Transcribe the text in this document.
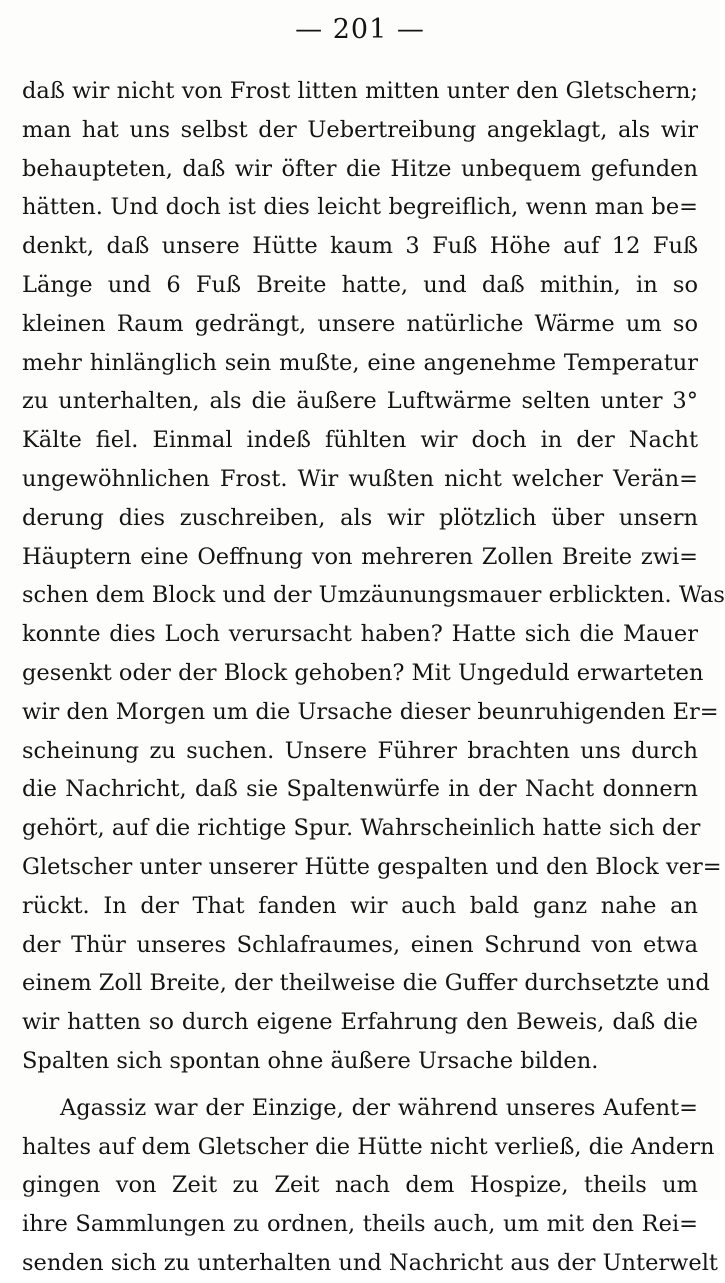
— 201 —
daß wir nicht von Frost litten mitten unter den Gletschern;
man hat uns selbst der Uebertreibung angeklagt, als wir
behaupteten, daß wir öfter die Hitze unbequem gefunden
hätten. Und doch ist dies leicht begreiflich, wenn man be=
denkt, daß unsere Hütte kaum 3 Fuß Höhe auf 12 Fuß
Länge und 6 Fuß Breite hatte, und daß mithin, in so
kleinen Raum gedrängt, unsere natürliche Wärme um so
mehr hinlänglich sein mußte, eine angenehme Temperatur
zu unterhalten, als die äußere Luftwärme selten unter 3°
Kälte fiel. Einmal indeß fühlten wir doch in der Nacht
ungewöhnlichen Frost. Wir wußten nicht welcher Verän=
derung dies zuschreiben, als wir plötzlich über unsern
Häuptern eine Oeffnung von mehreren Zollen Breite zwi=
schen dem Block und der Umzäunungsmauer erblickten. Was
konnte dies Loch verursacht haben? Hatte sich die Mauer
gesenkt oder der Block gehoben? Mit Ungeduld erwarteten
wir den Morgen um die Ursache dieser beunruhigenden Er=
scheinung zu suchen. Unsere Führer brachten uns durch
die Nachricht, daß sie Spaltenwürfe in der Nacht donnern
gehört, auf die richtige Spur. Wahrscheinlich hatte sich der
Gletscher unter unserer Hütte gespalten und den Block ver=
rückt. In der That fanden wir auch bald ganz nahe an
der Thür unseres Schlafraumes, einen Schrund von etwa
einem Zoll Breite, der theilweise die Guffer durchsetzte und
wir hatten so durch eigene Erfahrung den Beweis, daß die
Spalten sich spontan ohne äußere Ursache bilden.
Agassiz war der Einzige, der während unseres Aufent=
haltes auf dem Gletscher die Hütte nicht verließ, die Andern
gingen von Zeit zu Zeit nach dem Hospize, theils um
ihre Sammlungen zu ordnen, theils auch, um mit den Rei=
senden sich zu unterhalten und Nachricht aus der Unterwelt
